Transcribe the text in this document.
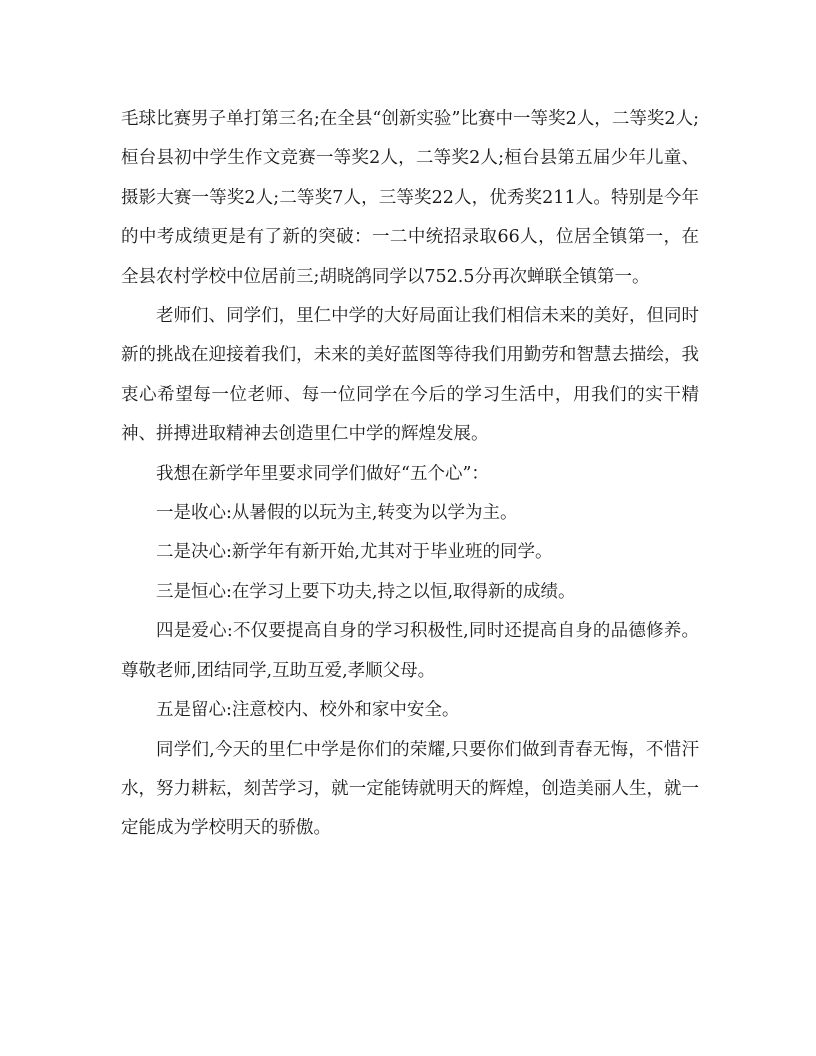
毛球比赛男子单打第三名;在全县“创新实验”比赛中一等奖2人，二等奖2人;桓台县初中学生作文竞赛一等奖2人，二等奖2人;桓台县第五届少年儿童、摄影大赛一等奖2人;二等奖7人，三等奖22人，优秀奖211人。特别是今年的中考成绩更是有了新的突破：一二中统招录取66人，位居全镇第一，在全县农村学校中位居前三;胡晓鸽同学以752.5分再次蝉联全镇第一。

老师们、同学们，里仁中学的大好局面让我们相信未来的美好，但同时新的挑战在迎接着我们，未来的美好蓝图等待我们用勤劳和智慧去描绘，我衷心希望每一位老师、每一位同学在今后的学习生活中，用我们的实干精神、拼搏进取精神去创造里仁中学的辉煌发展。

我想在新学年里要求同学们做好“五个心”：

一是收心:从暑假的以玩为主,转变为以学为主。

二是决心:新学年有新开始,尤其对于毕业班的同学。

三是恒心:在学习上要下功夫,持之以恒,取得新的成绩。

四是爱心:不仅要提高自身的学习积极性,同时还提高自身的品德修养。尊敬老师,团结同学,互助互爱,孝顺父母。

五是留心:注意校内、校外和家中安全。

同学们,今天的里仁中学是你们的荣耀,只要你们做到青春无悔，不惜汗水，努力耕耘，刻苦学习，就一定能铸就明天的辉煌，创造美丽人生，就一定能成为学校明天的骄傲。
